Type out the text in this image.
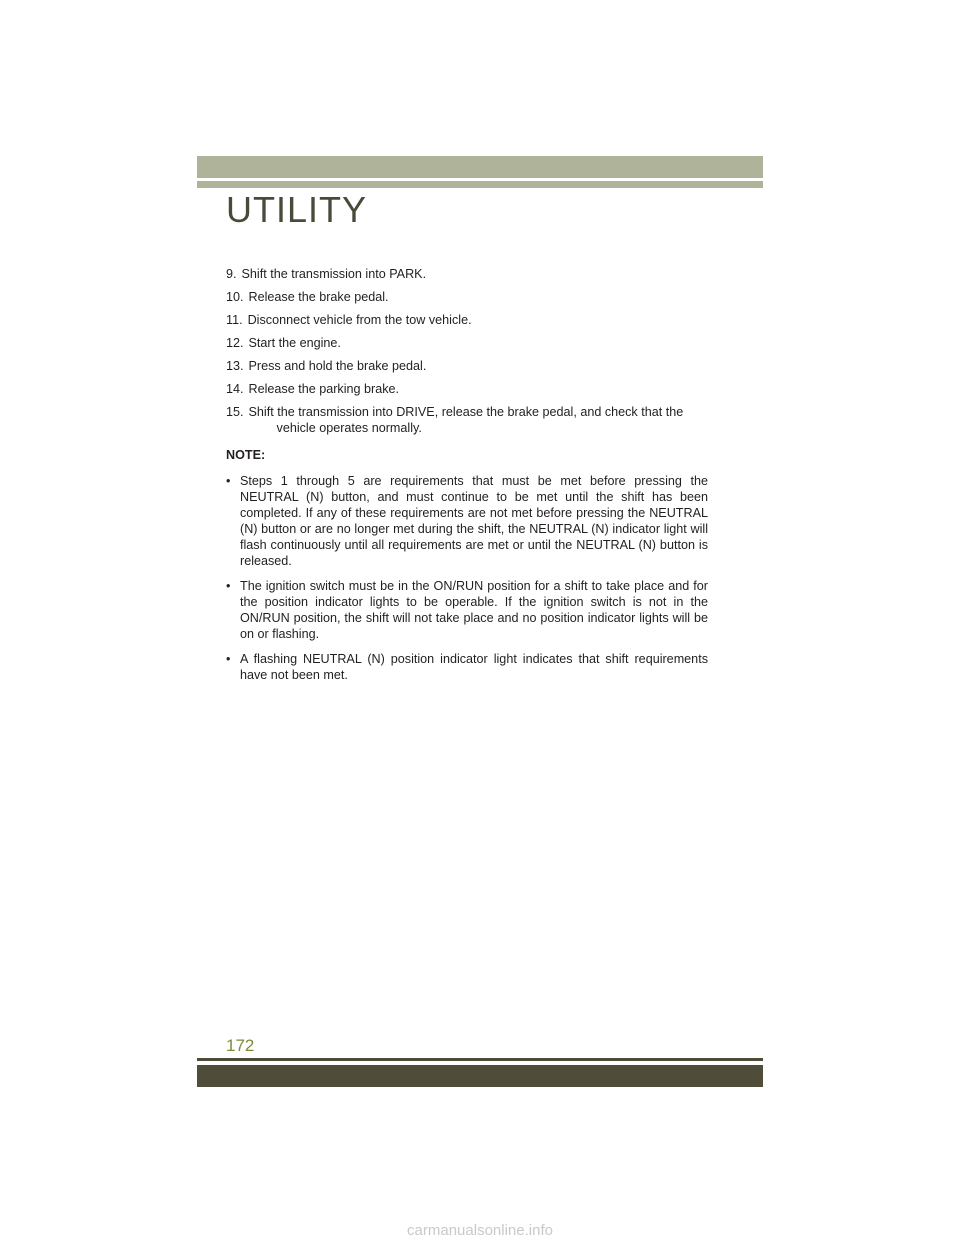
UTILITY
9. Shift the transmission into PARK.
10. Release the brake pedal.
11. Disconnect vehicle from the tow vehicle.
12. Start the engine.
13. Press and hold the brake pedal.
14. Release the parking brake.
15. Shift the transmission into DRIVE, release the brake pedal, and check that the
vehicle operates normally.
NOTE:
• Steps 1 through 5 are requirements that must be met before pressing the NEUTRAL (N) button, and must continue to be met until the shift has been completed. If any of these requirements are not met before pressing the NEUTRAL (N) button or are no longer met during the shift, the NEUTRAL (N) indicator light will flash continuously until all requirements are met or until the NEUTRAL (N) button is released.
• The ignition switch must be in the ON/RUN position for a shift to take place and for the position indicator lights to be operable. If the ignition switch is not in the ON/RUN position, the shift will not take place and no position indicator lights will be on or flashing.
• A flashing NEUTRAL (N) position indicator light indicates that shift requirements have not been met.
172
carmanualsonline.info
